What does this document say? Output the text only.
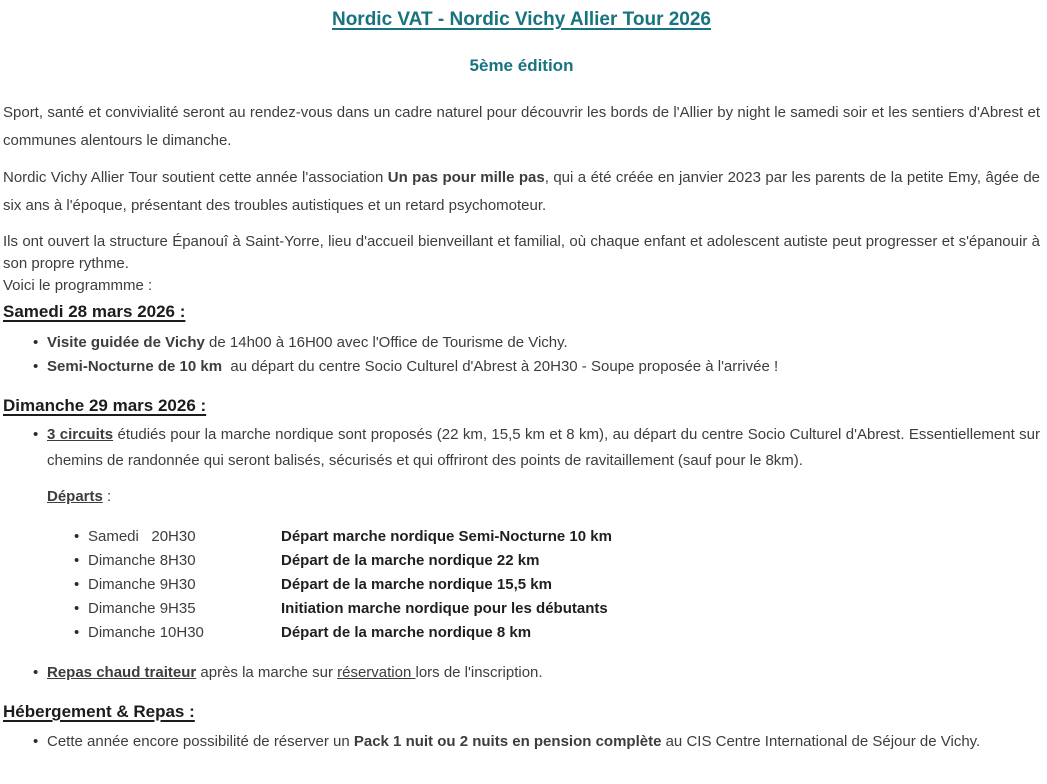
Nordic VAT - Nordic Vichy Allier Tour 2026
5ème édition

Sport, santé et convivialité seront au rendez-vous dans un cadre naturel pour découvrir les bords de l'Allier by night le samedi soir et les sentiers d'Abrest et communes alentours le dimanche.

Nordic Vichy Allier Tour soutient cette année l'association Un pas pour mille pas, qui a été créée en janvier 2023 par les parents de la petite Emy, âgée de six ans à l'époque, présentant des troubles autistiques et un retard psychomoteur.

Ils ont ouvert la structure Épanouî à Saint-Yorre, lieu d'accueil bienveillant et familial, où chaque enfant et adolescent autiste peut progresser et s'épanouir à son propre rythme.

Voici le programmme :

Samedi 28 mars 2026 :
• Visite guidée de Vichy de 14h00 à 16H00 avec l'Office de Tourisme de Vichy.
• Semi-Nocturne de 10 km  au départ du centre Socio Culturel d'Abrest à 20H30 - Soupe proposée à l'arrivée !
Dimanche 29 mars 2026 :
• 3 circuits étudiés pour la marche nordique sont proposés (22 km, 15,5 km et 8 km), au départ du centre Socio Culturel d'Abrest. Essentiellement sur chemins de randonnée qui seront balisés, sécurisés et qui offriront des points de ravitaillement (sauf pour le 8km).

Départs :

• Samedi   20H30	Départ marche nordique Semi-Nocturne 10 km
• Dimanche 8H30	Départ de la marche nordique 22 km
• Dimanche 9H30	Départ de la marche nordique 15,5 km
• Dimanche 9H35	Initiation marche nordique pour les débutants
• Dimanche 10H30	Départ de la marche nordique 8 km
• Repas chaud traiteur après la marche sur réservation lors de l'inscription.
Hébergement & Repas :
• Cette année encore possibilité de réserver un Pack 1 nuit ou 2 nuits en pension complète au CIS Centre International de Séjour de Vichy.
